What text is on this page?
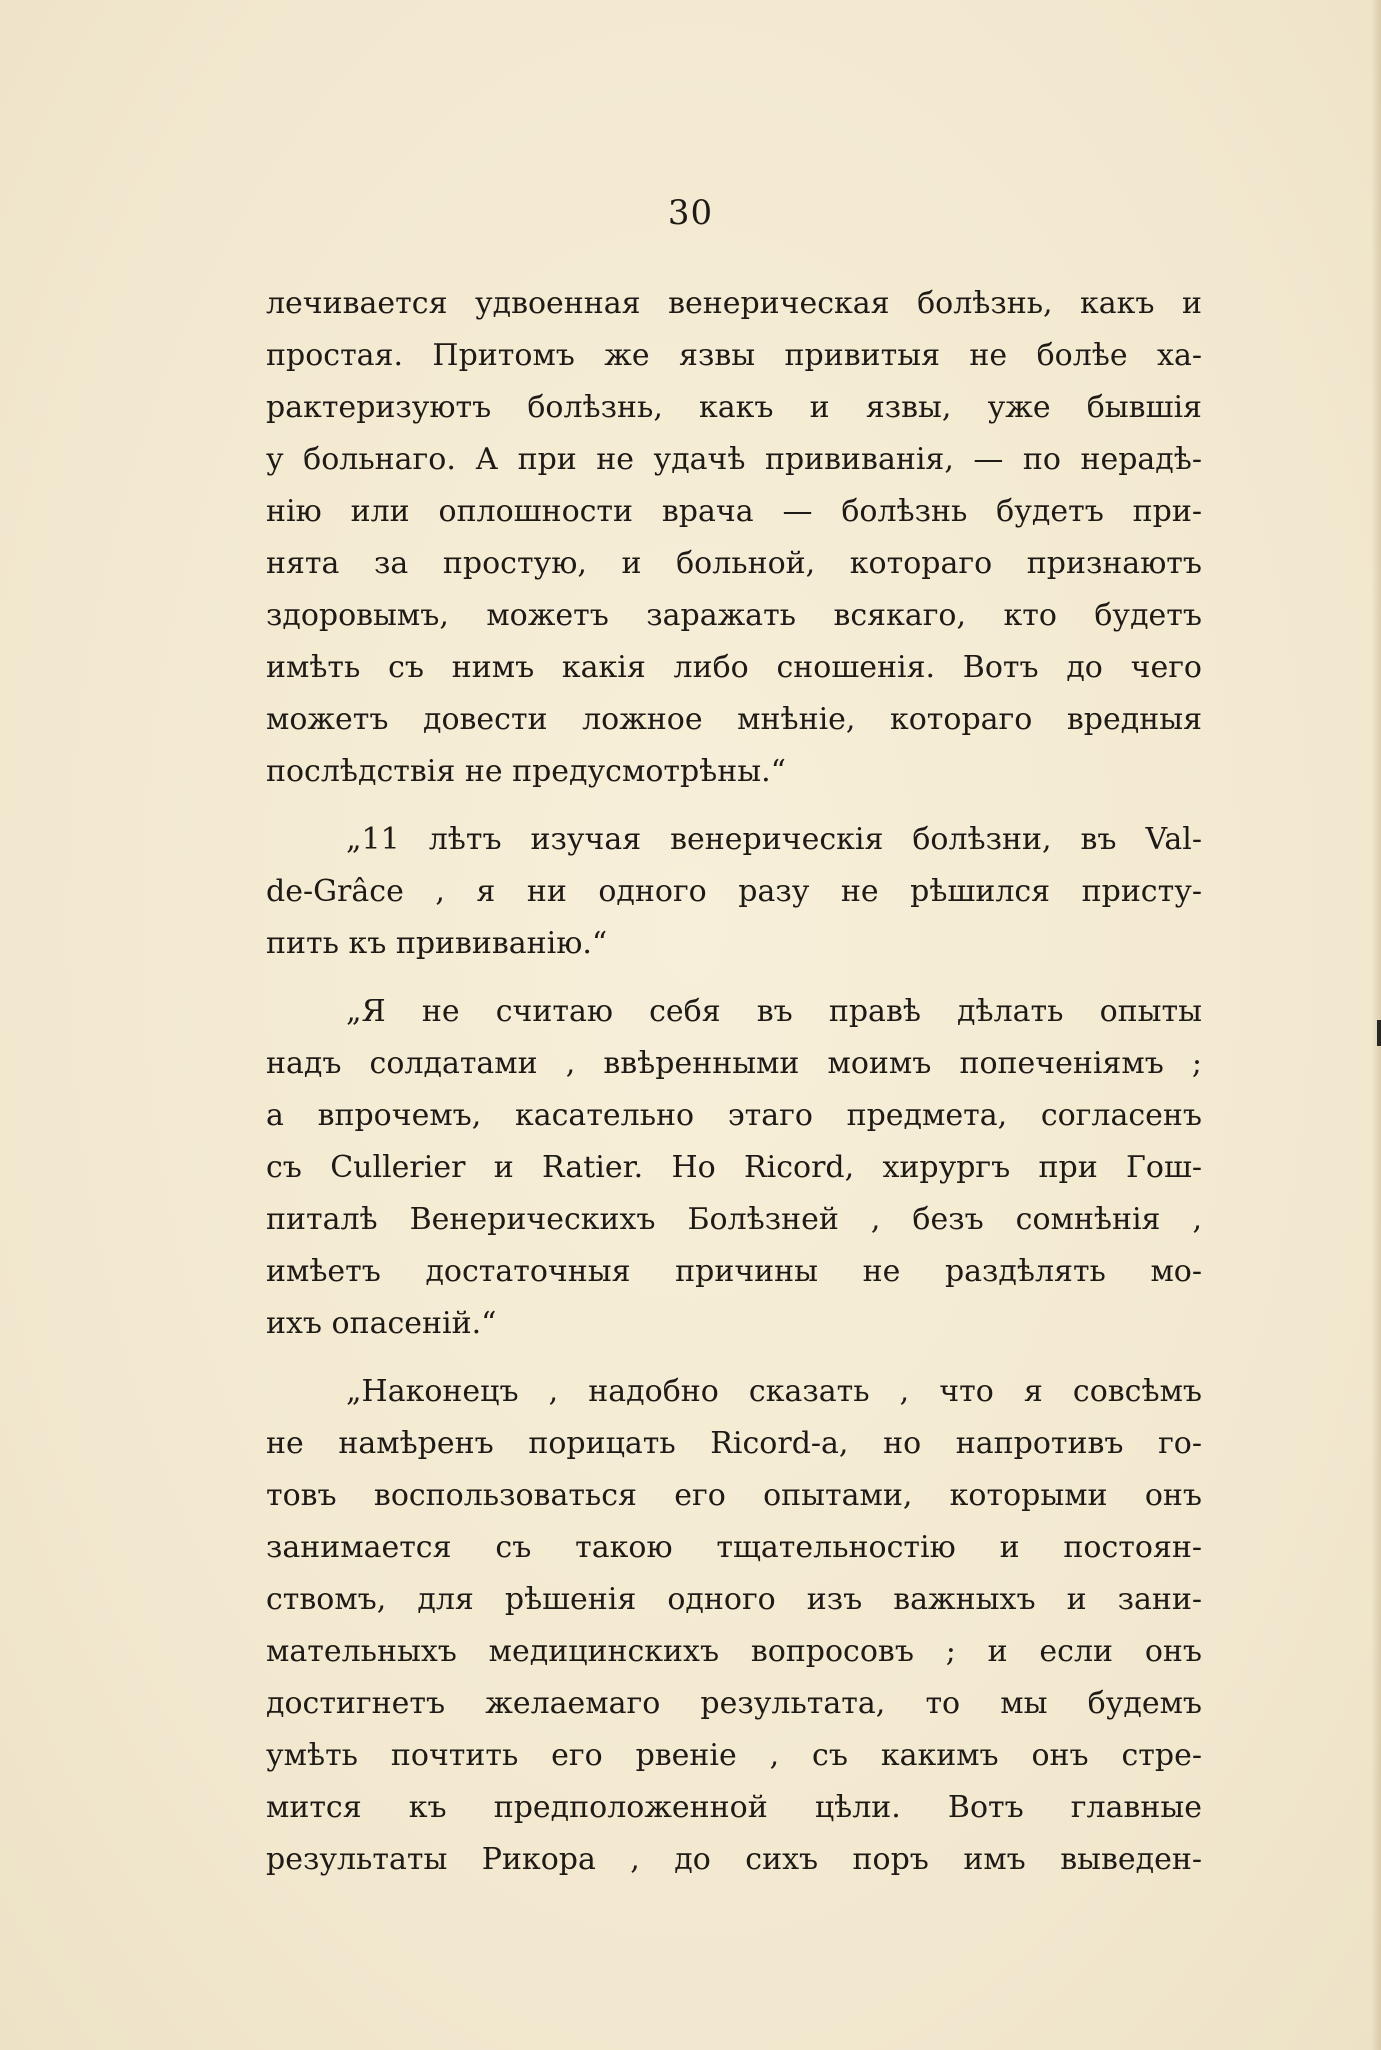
30
лечивается удвоенная венерическая болѣзнь, какъ и
простая. Притомъ же язвы привитыя не болѣе ха-
рактеризуютъ болѣзнь, какъ и язвы, уже бывшія
у больнаго. А при не удачѣ прививанія, — по нерадѣ-
нію или оплошности врача — болѣзнь будетъ при-
нята за простую, и больной, котораго признаютъ
здоровымъ, можетъ заражать всякаго, кто будетъ
имѣть съ нимъ какія либо сношенія. Вотъ до чего
можетъ довести ложное мнѣніе, котораго вредныя
послѣдствія не предусмотрѣны.“
„11 лѣтъ изучая венерическія болѣзни, въ Val-
de-Grâce , я ни одного разу не рѣшился присту-
пить къ прививанію.“
„Я не считаю себя въ правѣ дѣлать опыты
надъ солдатами , ввѣренными моимъ попеченіямъ ;
а впрочемъ, касательно этаго предмета, согласенъ
съ Cullerier и Ratier. Но Ricord, хирургъ при Гош-
питалѣ Венерическихъ Болѣзней , безъ сомнѣнія ,
имѣетъ достаточныя причины не раздѣлять мо-
ихъ опасеній.“
„Наконецъ , надобно сказать , что я совсѣмъ
не намѣренъ порицать Ricord-а, но напротивъ го-
товъ воспользоваться его опытами, которыми онъ
занимается съ такою тщательностію и постоян-
ствомъ, для рѣшенія одного изъ важныхъ и зани-
мательныхъ медицинскихъ вопросовъ ; и если онъ
достигнетъ желаемаго результата, то мы будемъ
умѣть почтить его рвеніе , съ какимъ онъ стре-
мится къ предположенной цѣли. Вотъ главные
результаты Рикора , до сихъ поръ имъ выведен-
